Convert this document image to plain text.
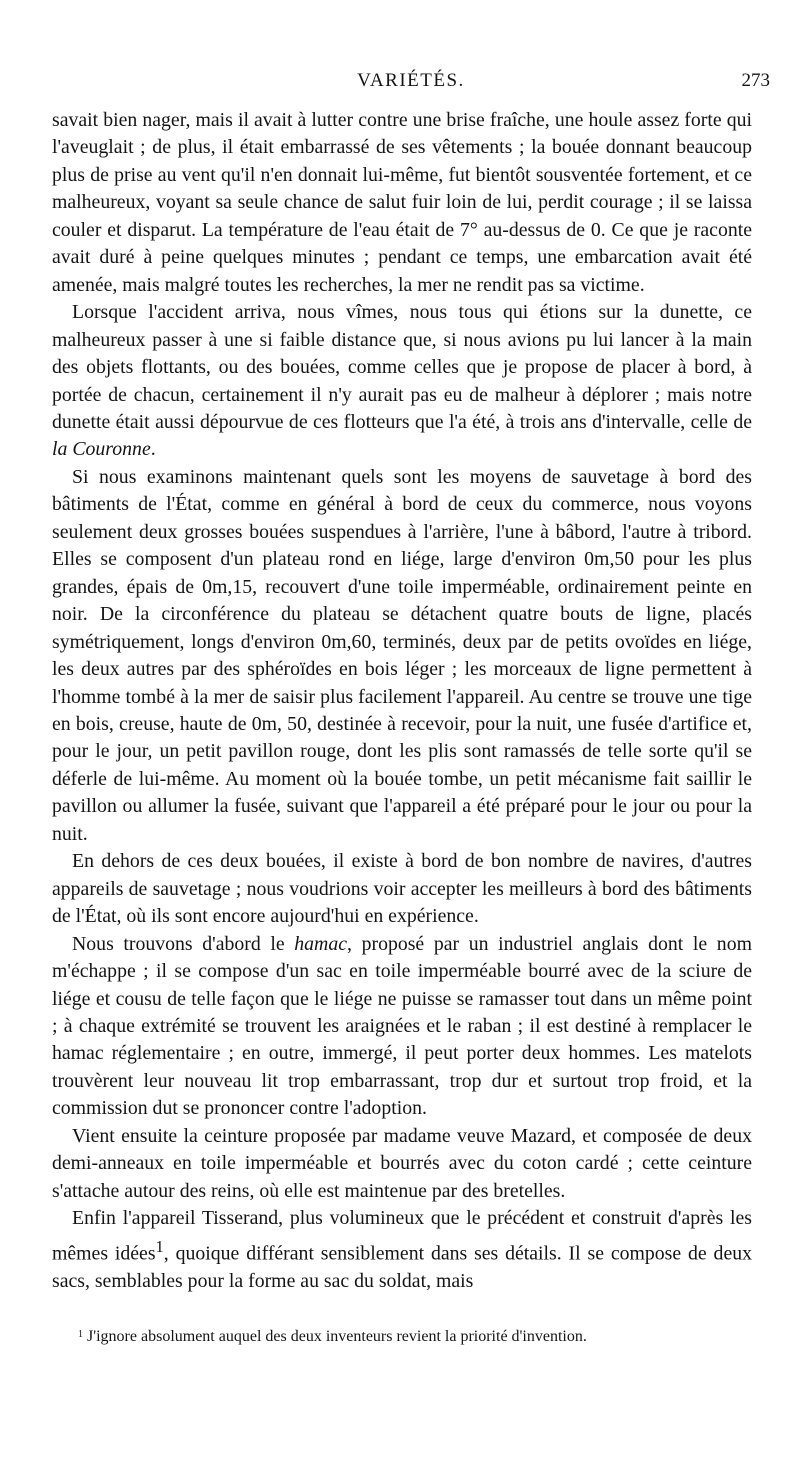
VARIÉTÉS.	273

savait bien nager, mais il avait à lutter contre une brise fraîche, une houle assez forte qui l'aveuglait ; de plus, il était embarrassé de ses vêtements ; la bouée donnant beaucoup plus de prise au vent qu'il n'en donnait lui-même, fut bientôt sousventée fortement, et ce malheureux, voyant sa seule chance de salut fuir loin de lui, perdit courage ; il se laissa couler et disparut. La température de l'eau était de 7° au-dessus de 0. Ce que je raconte avait duré à peine quelques minutes ; pendant ce temps, une embarcation avait été amenée, mais malgré toutes les recherches, la mer ne rendit pas sa victime.

Lorsque l'accident arriva, nous vîmes, nous tous qui étions sur la dunette, ce malheureux passer à une si faible distance que, si nous avions pu lui lancer à la main des objets flottants, ou des bouées, comme celles que je propose de placer à bord, à portée de chacun, certainement il n'y aurait pas eu de malheur à déplorer ; mais notre dunette était aussi dépourvue de ces flotteurs que l'a été, à trois ans d'intervalle, celle de la Couronne.

Si nous examinons maintenant quels sont les moyens de sauvetage à bord des bâtiments de l'État, comme en général à bord de ceux du commerce, nous voyons seulement deux grosses bouées suspendues à l'arrière, l'une à bâbord, l'autre à tribord. Elles se composent d'un plateau rond en liége, large d'environ 0m,50 pour les plus grandes, épais de 0m,15, recouvert d'une toile imperméable, ordinairement peinte en noir. De la circonférence du plateau se détachent quatre bouts de ligne, placés symétriquement, longs d'environ 0m,60, terminés, deux par de petits ovoïdes en liége, les deux autres par des sphéroïdes en bois léger ; les morceaux de ligne permettent à l'homme tombé à la mer de saisir plus facilement l'appareil. Au centre se trouve une tige en bois, creuse, haute de 0m, 50, destinée à recevoir, pour la nuit, une fusée d'artifice et, pour le jour, un petit pavillon rouge, dont les plis sont ramassés de telle sorte qu'il se déferle de lui-même. Au moment où la bouée tombe, un petit mécanisme fait saillir le pavillon ou allumer la fusée, suivant que l'appareil a été préparé pour le jour ou pour la nuit.

En dehors de ces deux bouées, il existe à bord de bon nombre de navires, d'autres appareils de sauvetage ; nous voudrions voir accepter les meilleurs à bord des bâtiments de l'État, où ils sont encore aujourd'hui en expérience.

Nous trouvons d'abord le hamac, proposé par un industriel anglais dont le nom m'échappe ; il se compose d'un sac en toile imperméable bourré avec de la sciure de liége et cousu de telle façon que le liége ne puisse se ramasser tout dans un même point ; à chaque extrémité se trouvent les araignées et le raban ; il est destiné à remplacer le hamac réglementaire ; en outre, immergé, il peut porter deux hommes. Les matelots trouvèrent leur nouveau lit trop embarrassant, trop dur et surtout trop froid, et la commission dut se prononcer contre l'adoption.

Vient ensuite la ceinture proposée par madame veuve Mazard, et composée de deux demi-anneaux en toile imperméable et bourrés avec du coton cardé ; cette ceinture s'attache autour des reins, où elle est maintenue par des bretelles.

Enfin l'appareil Tisserand, plus volumineux que le précédent et construit d'après les mêmes idées$^1$, quoique différant sensiblement dans ses détails. Il se compose de deux sacs, semblables pour la forme au sac du soldat, mais

$^1$ J'ignore absolument auquel des deux inventeurs revient la priorité d'invention.
